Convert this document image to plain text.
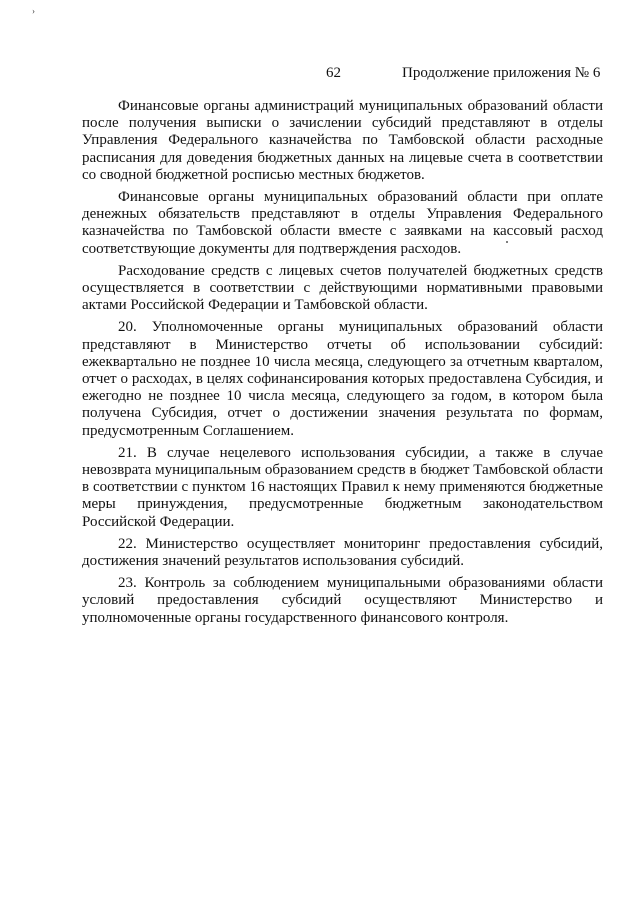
›
62	Продолжение приложения № 6

Финансовые органы администраций муниципальных образований области после получения выписки о зачислении субсидий представляют в отделы Управления Федерального казначейства по Тамбовской области расходные расписания для доведения бюджетных данных на лицевые счета в соответствии со сводной бюджетной росписью местных бюджетов.

Финансовые органы муниципальных образований области при оплате денежных обязательств представляют в отделы Управления Федерального казначейства по Тамбовской области вместе с заявками на кассовый расход соответствующие документы для подтверждения расходов.

Расходование средств с лицевых счетов получателей бюджетных средств осуществляется в соответствии с действующими нормативными правовыми актами Российской Федерации и Тамбовской области.

20. Уполномоченные органы муниципальных образований области представляют в Министерство отчеты об использовании субсидий: ежеквартально не позднее 10 числа месяца, следующего за отчетным кварталом, отчет о расходах, в целях софинансирования которых предоставлена Субсидия, и ежегодно не позднее 10 числа месяца, следующего за годом, в котором была получена Субсидия, отчет о достижении значения результата по формам, предусмотренным Соглашением.

21. В случае нецелевого использования субсидии, а также в случае невозврата муниципальным образованием средств в бюджет Тамбовской области в соответствии с пунктом 16 настоящих Правил к нему применяются бюджетные меры принуждения, предусмотренные бюджетным законодательством Российской Федерации.

22. Министерство осуществляет мониторинг предоставления субсидий, достижения значений результатов использования субсидий.

23. Контроль за соблюдением муниципальными образованиями области условий предоставления субсидий осуществляют Министерство и уполномоченные органы государственного финансового контроля.
